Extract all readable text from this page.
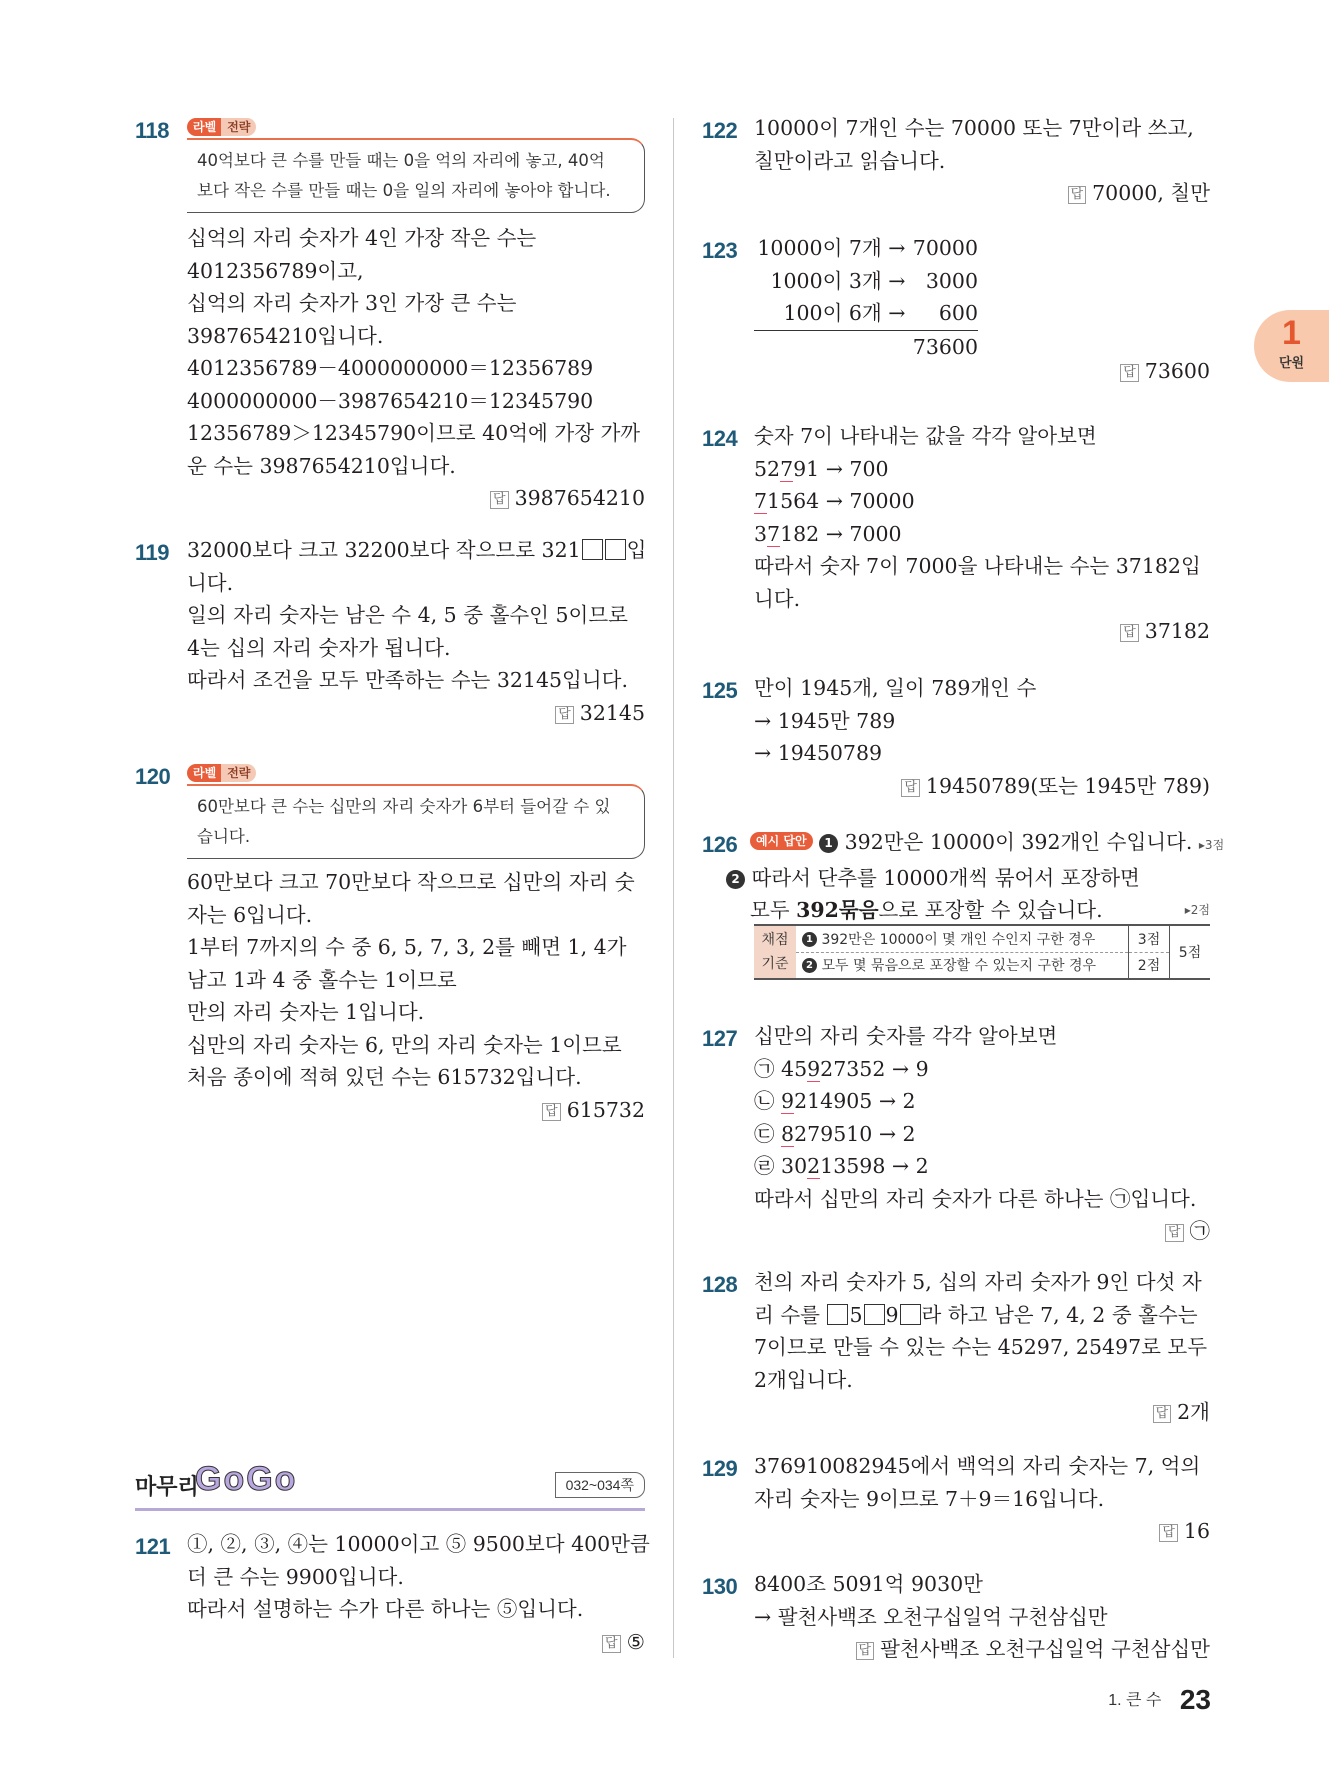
1
단원
118	라벨 전략

40억보다 큰 수를 만들 때는 0을 억의 자리에 놓고, 40억

보다 작은 수를 만들 때는 0을 일의 자리에 놓아야 합니다.

십억의 자리 숫자가 4인 가장 작은 수는

4012356789이고,

십억의 자리 숫자가 3인 가장 큰 수는

3987654210입니다.

4012356789－4000000000＝12356789

4000000000－3987654210＝12345790

12356789＞12345790이므로 40억에 가장 가까

운 수는 3987654210입니다.

답 3987654210

119 32000보다 크고 32200보다 작으므로 321 입

니다.

일의 자리 숫자는 남은 수 4, 5 중 홀수인 5이므로

4는 십의 자리 숫자가 됩니다.

따라서 조건을 모두 만족하는 수는 32145입니다.

답 32145

120	라벨 전략

60만보다 큰 수는 십만의 자리 숫자가 6부터 들어갈 수 있

습니다.

60만보다 크고 70만보다 작으므로 십만의 자리 숫

자는 6입니다.

1부터 7까지의 수 중 6, 5, 7, 3, 2를 빼면 1, 4가

남고 1과 4 중 홀수는 1이므로

만의 자리 숫자는 1입니다.

십만의 자리 숫자는 6, 만의 자리 숫자는 1이므로

처음 종이에 적혀 있던 수는 615732입니다.

답 615732

마무리
GoGo	032~034쪽
121 ①, ②, ③, ④는 10000이고 ⑤ 9500보다 400만큼

더 큰 수는 9900입니다.

따라서 설명하는 수가 다른 하나는 ⑤입니다.

답 ⑤

122 10000이 7개인 수는 70000 또는 7만이라 쓰고,

칠만이라고 읽습니다.

답 70000, 칠만

123 10000이 7개 → 70000

1000이 3개 → 3000

100이 6개 → 600

73600

답 73600

124 숫자 7이 나타내는 값을 각각 알아보면

52791 → 700

71564 → 70000

37182 → 7000

따라서 숫자 7이 7000을 나타내는 수는 37182입

니다.

답 37182

125 만이 1945개, 일이 789개인 수

→ 1945만 789

→ 19450789

답 19450789(또는 1945만 789)

126	예시 답안 1 392만은 10000이 392개인 수입니다. ▸3점

2 따라서 단추를 10000개씩 묶어서 포장하면

모두 392묶음으로 포장할 수 있습니다.	▸2점

채점
기준	1 392만은 10000이 몇 개인 수인지 구한 경우	3점	5점
	2 모두 몇 묶음으로 포장할 수 있는지 구한 경우	2점	
127 십만의 자리 숫자를 각각 알아보면

㉠ 45927352 → 9

㉡ 9214905 → 2

㉢ 8279510 → 2

㉣ 30213598 → 2

따라서 십만의 자리 숫자가 다른 하나는 ㉠입니다.

답 ㉠

128 천의 자리 숫자가 5, 십의 자리 숫자가 9인 다섯 자

리 수를 5 9 라 하고 남은 7, 4, 2 중 홀수는

7이므로 만들 수 있는 수는 45297, 25497로 모두

2개입니다.

답 2개

129 376910082945에서 백억의 자리 숫자는 7, 억의

자리 숫자는 9이므로 7＋9＝16입니다.

답 16

130 8400조 5091억 9030만

→ 팔천사백조 오천구십일억 구천삼십만

답 팔천사백조 오천구십일억 구천삼십만

1. 큰 수 23
